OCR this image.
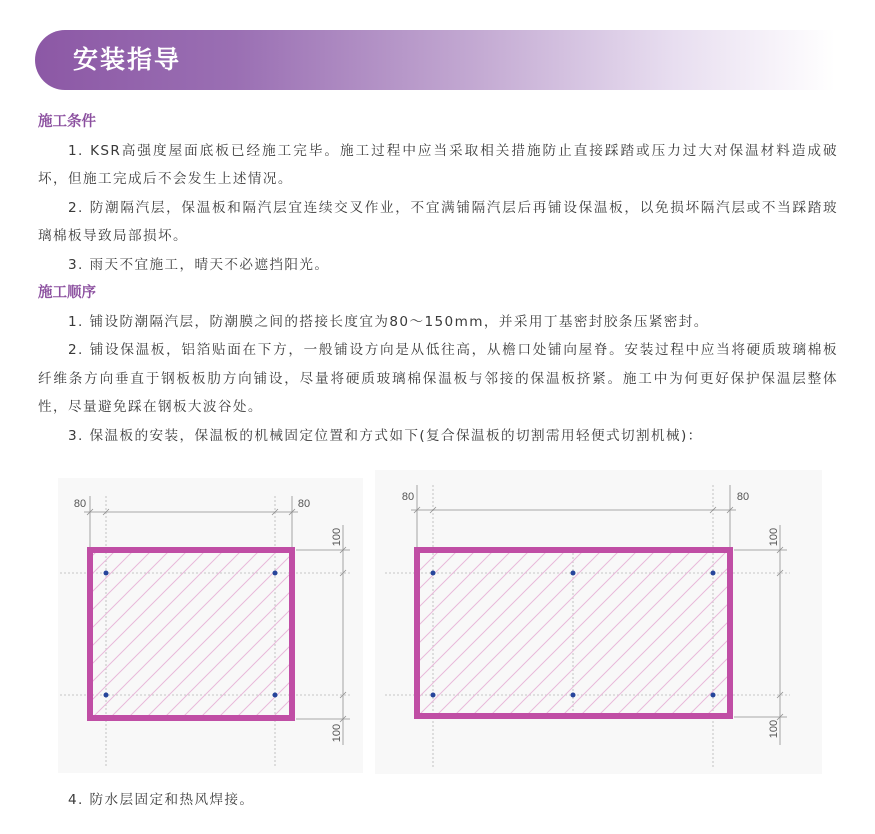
安装指导

施工条件

1. KSR高强度屋面底板已经施工完毕。施工过程中应当采取相关措施防止直接踩踏或压力过大对保温材料造成破坏，但施工完成后不会发生上述情况。

2. 防潮隔汽层，保温板和隔汽层宜连续交叉作业，不宜满铺隔汽层后再铺设保温板，以免损坏隔汽层或不当踩踏玻璃棉板导致局部损坏。

3. 雨天不宜施工，晴天不必遮挡阳光。

施工顺序

1. 铺设防潮隔汽层，防潮膜之间的搭接长度宜为80～150mm，并采用丁基密封胶条压紧密封。

2. 铺设保温板，铝箔贴面在下方，一般铺设方向是从低往高，从檐口处铺向屋脊。安装过程中应当将硬质玻璃棉板纤维条方向垂直于钢板板肋方向铺设，尽量将硬质玻璃棉保温板与邻接的保温板挤紧。施工中为何更好保护保温层整体性，尽量避免踩在钢板大波谷处。

3. 保温板的安装，保温板的机械固定位置和方式如下(复合保温板的切割需用轻便式切割机械)：

80	80
100
100
80	80
100
100
4. 防水层固定和热风焊接。
